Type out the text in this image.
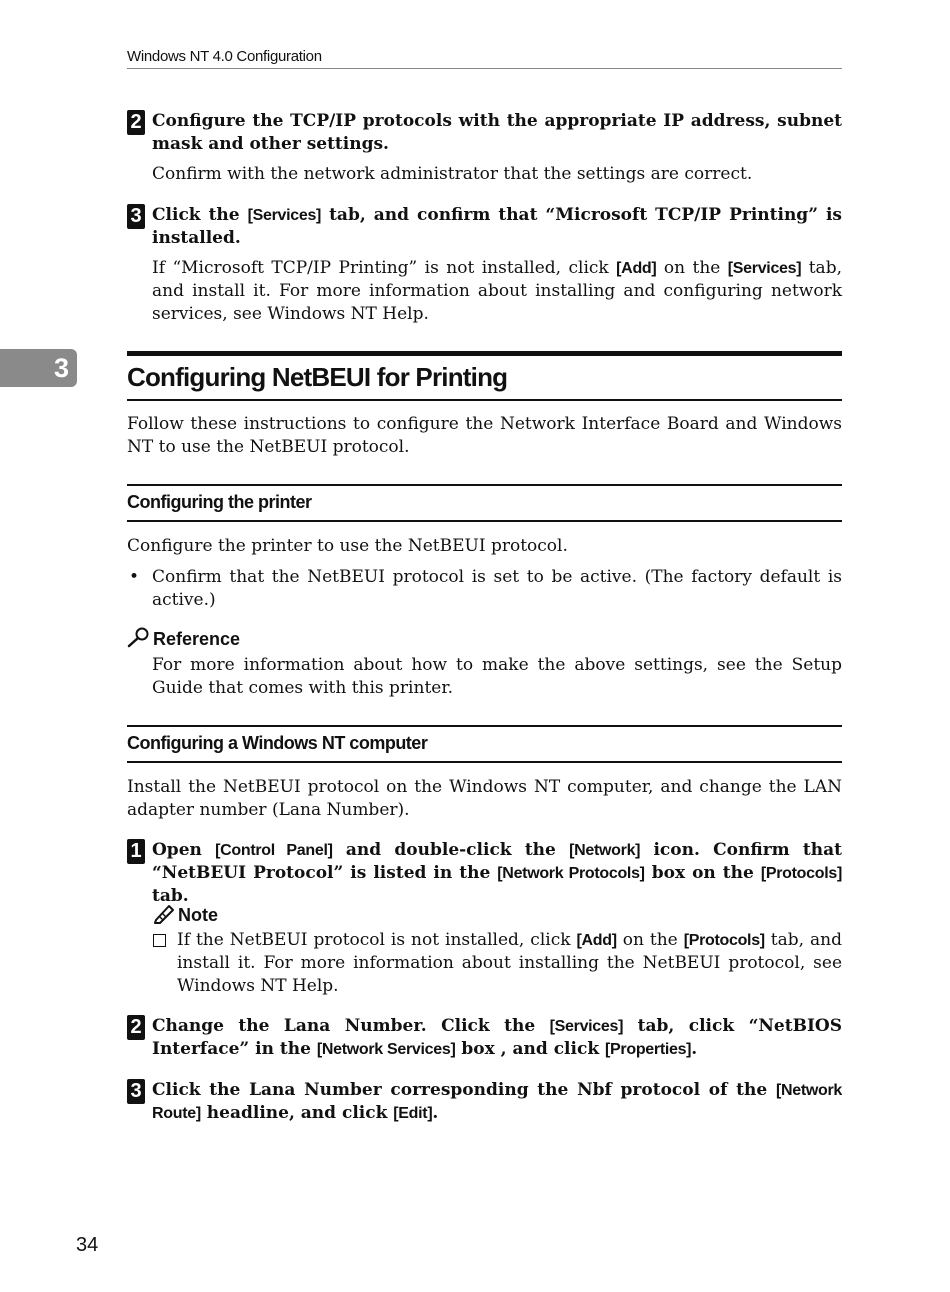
Windows NT 4.0 Configuration
3
2 Configure the TCP/IP protocols with the appropriate IP address, subnet mask and other settings.
Confirm with the network administrator that the settings are correct.
3 Click the [Services] tab, and confirm that “Microsoft TCP/IP Printing” is installed.
If “Microsoft TCP/IP Printing” is not installed, click [Add] on the [Services] tab, and install it. For more information about installing and configuring network services, see Windows NT Help.
Configuring NetBEUI for Printing
Follow these instructions to configure the Network Interface Board and Windows NT to use the NetBEUI protocol.
Configuring the printer
Configure the printer to use the NetBEUI protocol.
• Confirm that the NetBEUI protocol is set to be active. (The factory default is active.)
Reference
For more information about how to make the above settings, see the Setup Guide that comes with this printer.
Configuring a Windows NT computer
Install the NetBEUI protocol on the Windows NT computer, and change the LAN adapter number (Lana Number).
1 Open [Control Panel] and double-click the [Network] icon. Confirm that “NetBEUI Protocol” is listed in the [Network Protocols] box on the [Protocols] tab.
Note
If the NetBEUI protocol is not installed, click [Add] on the [Protocols] tab, and install it. For more information about installing the NetBEUI protocol, see Windows NT Help.
2 Change the Lana Number. Click the [Services] tab, click “NetBIOS Interface” in the [Network Services] box , and click [Properties].
3 Click the Lana Number corresponding the Nbf protocol of the [Network Route] headline, and click [Edit].
34
